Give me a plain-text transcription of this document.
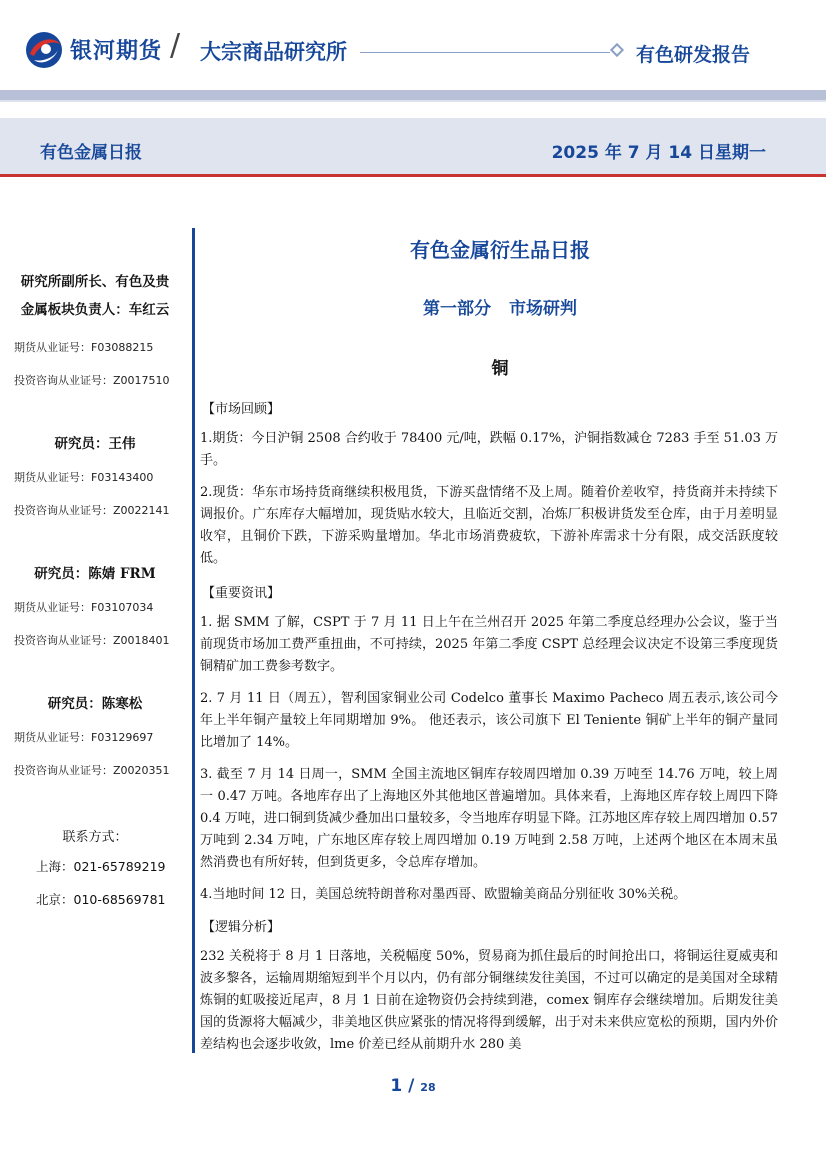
银河期货 / 大宗商品研究所	有色研发报告
有色金属日报	2025 年 7 月 14 日星期一
研究所副所长、有色及贵
金属板块负责人：车红云
期货从业证号：F03088215
投资咨询从业证号：Z0017510
研究员：王伟
期货从业证号：F03143400
投资咨询从业证号：Z0022141
研究员：陈婧 FRM
期货从业证号：F03107034
投资咨询从业证号：Z0018401
研究员：陈寒松
期货从业证号：F03129697
投资咨询从业证号：Z0020351
联系方式：
上海：021-65789219
北京：010-68569781
有色金属衍生品日报
第一部分 市场研判
铜
【市场回顾】
1.期货：今日沪铜 2508 合约收于 78400 元/吨，跌幅 0.17%，沪铜指数减仓 7283 手至 51.03 万手。
2.现货：华东市场持货商继续积极甩货，下游买盘情绪不及上周。随着价差收窄，持货商并未持续下调报价。广东库存大幅增加，现货贴水较大，且临近交割，冶炼厂积极讲货发至仓库，由于月差明显收窄，且铜价下跌，下游采购量增加。华北市场消费疲软，下游补库需求十分有限，成交活跃度较低。
【重要资讯】
1. 据 SMM 了解，CSPT 于 7 月 11 日上午在兰州召开 2025 年第二季度总经理办公会议，鉴于当前现货市场加工费严重扭曲，不可持续，2025 年第二季度 CSPT 总经理会议决定不设第三季度现货铜精矿加工费参考数字。
2. 7 月 11 日（周五），智利国家铜业公司 Codelco 董事长 Maximo Pacheco 周五表示,该公司今年上半年铜产量较上年同期增加 9%。 他还表示，该公司旗下 El Teniente 铜矿上半年的铜产量同比增加了 14%。
3. 截至 7 月 14 日周一，SMM 全国主流地区铜库存较周四增加 0.39 万吨至 14.76 万吨，较上周一 0.47 万吨。各地库存出了上海地区外其他地区普遍增加。具体来看，上海地区库存较上周四下降 0.4 万吨，进口铜到货减少叠加出口量较多，令当地库存明显下降。江苏地区库存较上周四增加 0.57 万吨到 2.34 万吨，广东地区库存较上周四增加 0.19 万吨到 2.58 万吨，上述两个地区在本周末虽然消费也有所好转，但到货更多，令总库存增加。
4.当地时间 12 日，美国总统特朗普称对墨西哥、欧盟输美商品分别征收 30%关税。
【逻辑分析】
232 关税将于 8 月 1 日落地，关税幅度 50%，贸易商为抓住最后的时间抢出口，将铜运往夏威夷和波多黎各，运输周期缩短到半个月以内，仍有部分铜继续发往美国，不过可以确定的是美国对全球精炼铜的虹吸接近尾声，8 月 1 日前在途物资仍会持续到港，comex 铜库存会继续增加。后期发往美国的货源将大幅减少，非美地区供应紧张的情况将得到缓解，出于对未来供应宽松的预期，国内外价差结构也会逐步收敛，lme 价差已经从前期升水 280 美
1 / 28
